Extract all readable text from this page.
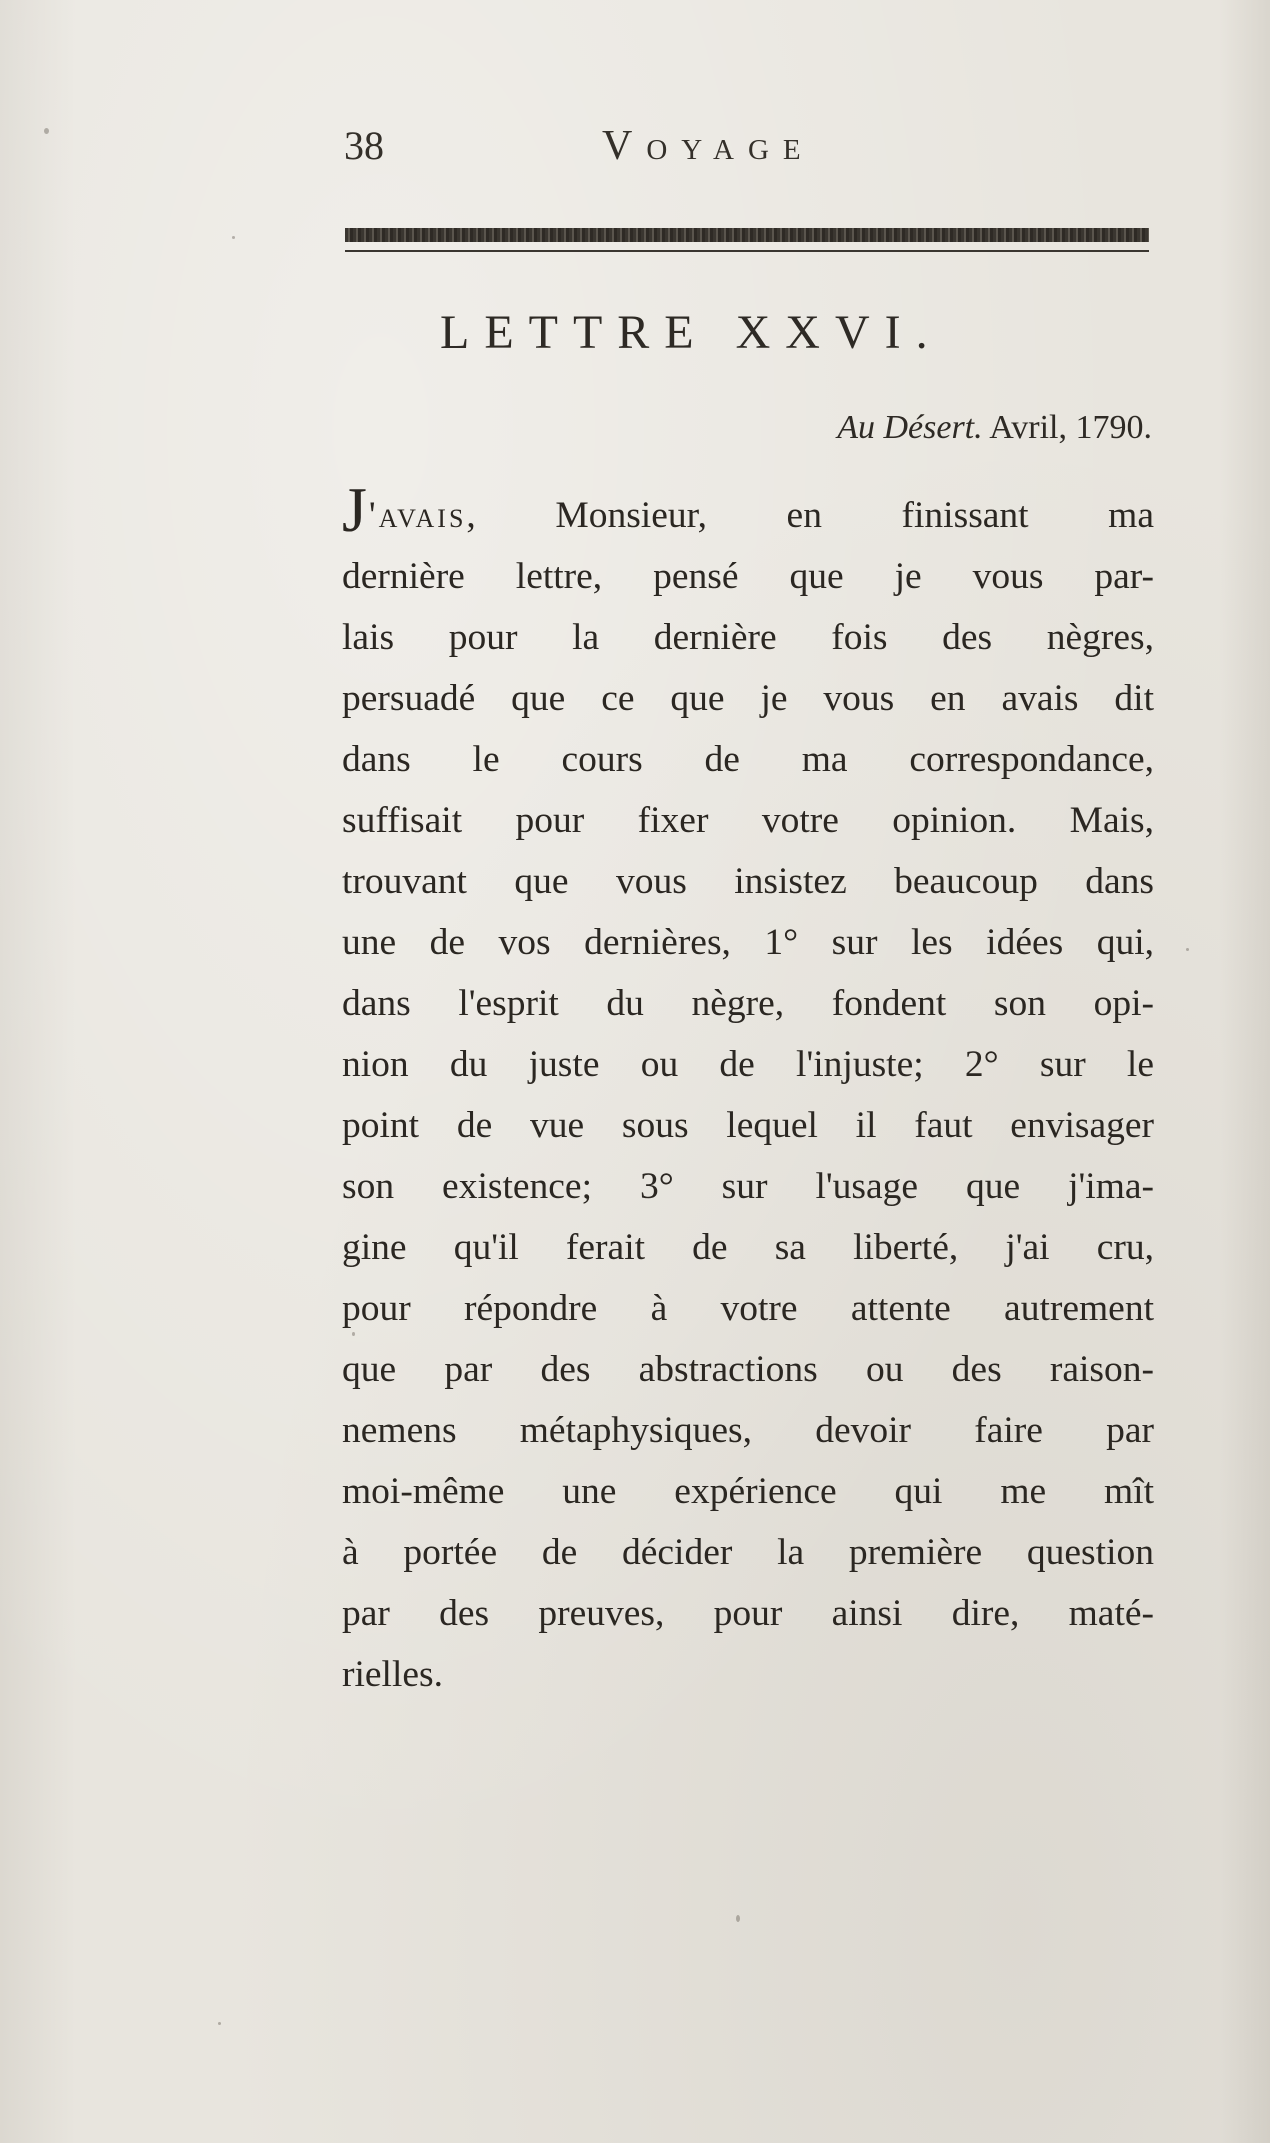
38	Voyage
LETTRE XXVI.
Au Désert. Avril, 1790.
J'avais, Monsieur, en finissant ma
dernière lettre, pensé que je vous par-
lais pour la dernière fois des nègres,
persuadé que ce que je vous en avais dit
dans le cours de ma correspondance,
suffisait pour fixer votre opinion. Mais,
trouvant que vous insistez beaucoup dans
une de vos dernières, 1° sur les idées qui,
dans l'esprit du nègre, fondent son opi-
nion du juste ou de l'injuste; 2° sur le
point de vue sous lequel il faut envisager
son existence; 3° sur l'usage que j'ima-
gine qu'il ferait de sa liberté, j'ai cru,
pour répondre à votre attente autrement
que par des abstractions ou des raison-
nemens métaphysiques, devoir faire par
moi-même une expérience qui me mît
à portée de décider la première question
par des preuves, pour ainsi dire, maté-
rielles.
